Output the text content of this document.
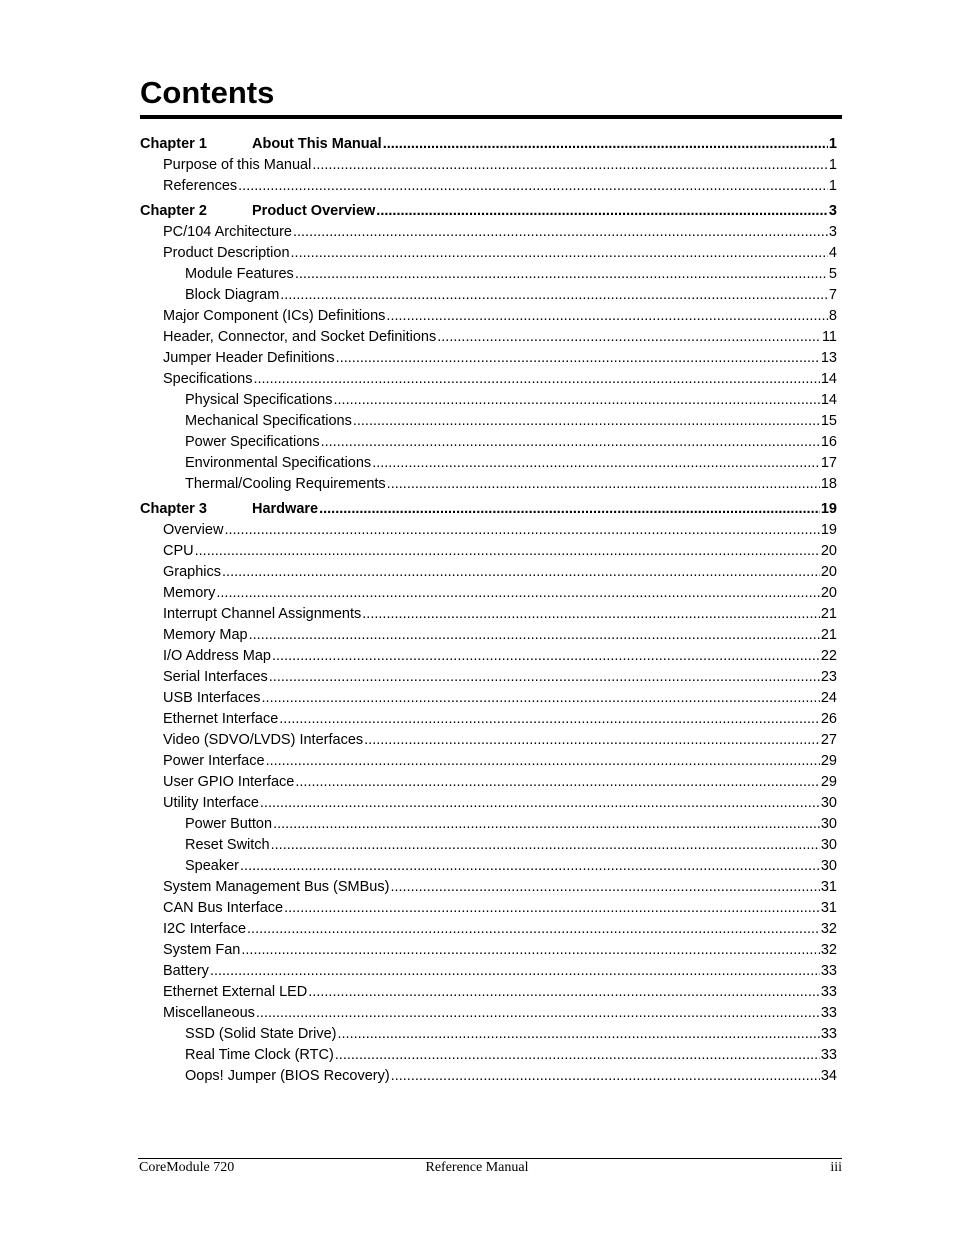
Contents
Chapter 1	About This Manual .....	1
Purpose of this Manual .....	1
References .....	1
Chapter 2	Product Overview .....	3
PC/104 Architecture .....	3
Product Description .....	4
Module Features .....	5
Block Diagram .....	7
Major Component (ICs) Definitions .....	8
Header, Connector, and Socket Definitions .....	11
Jumper Header Definitions .....	13
Specifications .....	14
Physical Specifications .....	14
Mechanical Specifications .....	15
Power Specifications .....	16
Environmental Specifications .....	17
Thermal/Cooling Requirements .....	18
Chapter 3	Hardware .....	19
Overview .....	19
CPU .....	20
Graphics .....	20
Memory .....	20
Interrupt Channel Assignments .....	21
Memory Map .....	21
I/O Address Map .....	22
Serial Interfaces .....	23
USB Interfaces .....	24
Ethernet Interface .....	26
Video (SDVO/LVDS) Interfaces .....	27
Power Interface .....	29
User GPIO Interface .....	29
Utility Interface .....	30
Power Button .....	30
Reset Switch .....	30
Speaker .....	30
System Management Bus (SMBus) .....	31
CAN Bus Interface .....	31
I2C Interface .....	32
System Fan .....	32
Battery .....	33
Ethernet External LED .....	33
Miscellaneous .....	33
SSD (Solid State Drive) .....	33
Real Time Clock (RTC) .....	33
Oops! Jumper (BIOS Recovery) .....	34
CoreModule 720	Reference Manual	iii
